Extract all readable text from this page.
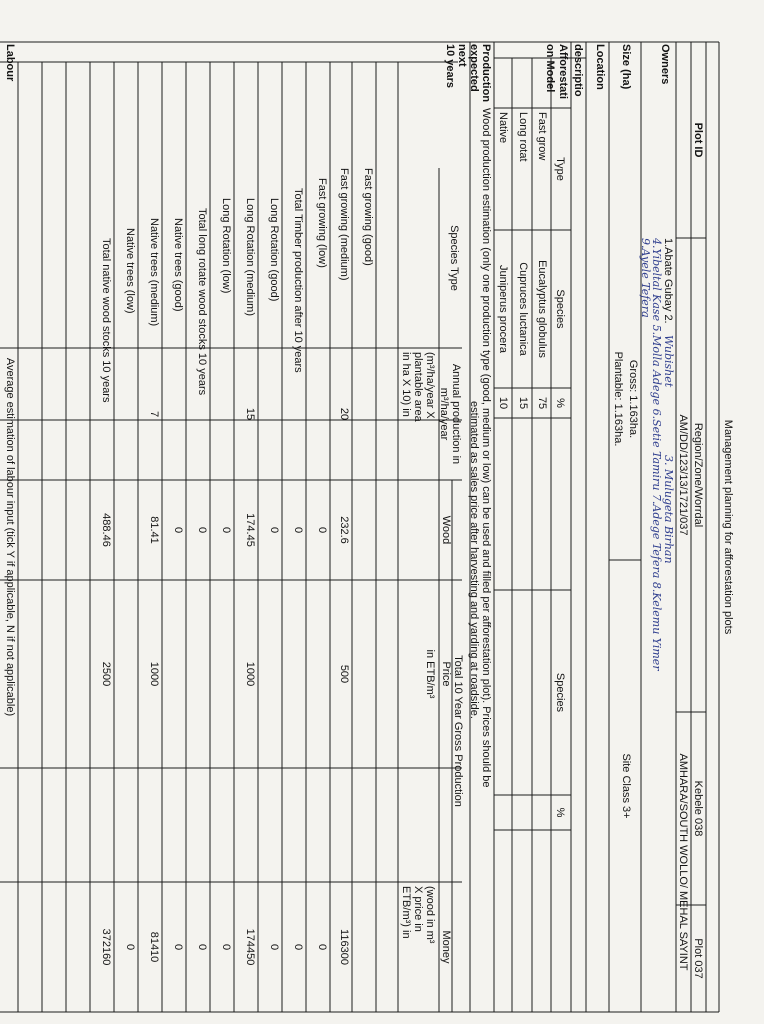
Management planning for afforestation plots
Plot ID
Region/Zone/Worrdal
Kebele 038
Plot 037
AM/DD/123/13/1721/037
AMHARA/SOUTH WOLLO/ MEHAL SAYINT
Owners
1.Abate Gubay 2.
Wubishet
3. Mulugeta Birhan
4.Yibeltal Kase 5.Molla Adege 6.Setie Tamiru 7.Adege Tefera 8.Kelemu Yimer
9.Ayele Tefera
Size (ha)
Gross: 1.163ha.
Plantable: 1.163ha.
Site Class 3+
Location
descriptio
Afforestati
on Model
Type
Species
%
Species
%
Fast grow
Eucalyptus globulus
75
Long rotat
Cupruces luctanica
15
Native
Juniperus procera
10
Production
expected
next
10 years
Wood production estimation (only one production type (good, medium or low) can be used and filled per afforestation plot). Prices should be
estimated as sales price after harvesting and yarding at roadside.
Species Type
Annual production in
m³/ha/year
Total 10 Year Gross Production
Wood
(m³/ha/year X
plantable area
in ha X 10) in
Price
in ETB/m³
Money
(wood in m³
X price in
ETB/m³) in
Fast growing (good)
Fast growing (medium)
20
232.6
500
116300
Fast growing (low)
0
0
Total Timber production after 10 years
0
0
Long Rotation (good)
0
0
Long Rotation (medium)
15
174.45
1000
174450
Long Rotation (low)
0
0
Total long rotate wood stocks 10 years
0
0
Native trees (good)
0
0
Native trees (medium)
7
81.41
1000
81410
Native trees (low)
0
Total native wood stocks 10 years
488.46
2500
372160
Labour
Average estimation of labour input (tick Y if applicable, N if not applicable)
